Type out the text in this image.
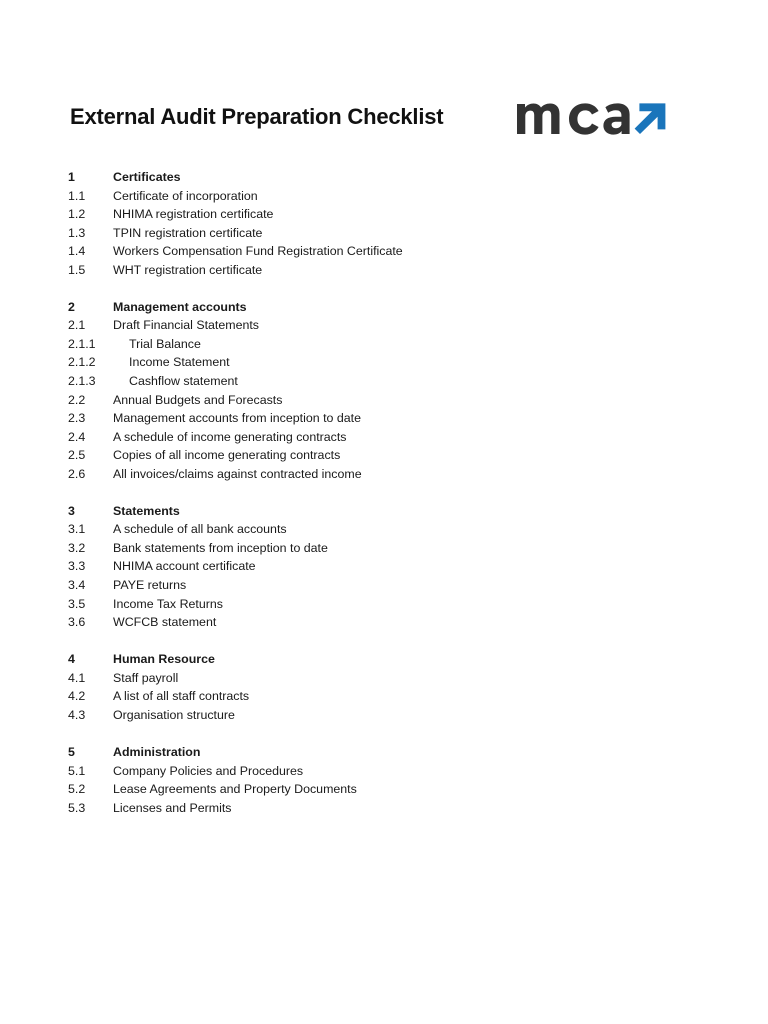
External Audit Preparation Checklist
1	Certificates
1.1	Certificate of incorporation
1.2	NHIMA registration certificate
1.3	TPIN registration certificate
1.4	Workers Compensation Fund Registration Certificate
1.5	WHT registration certificate
2	Management accounts
2.1	Draft Financial Statements
2.1.1	Trial Balance
2.1.2	Income Statement
2.1.3	Cashflow statement
2.2	Annual Budgets and Forecasts
2.3	Management accounts from inception to date
2.4	A schedule of income generating contracts
2.5	Copies of all income generating contracts
2.6	All invoices/claims against contracted income
3	Statements
3.1	A schedule of all bank accounts
3.2	Bank statements from inception to date
3.3	NHIMA account certificate
3.4	PAYE returns
3.5	Income Tax Returns
3.6	WCFCB statement
4	Human Resource
4.1	Staff payroll
4.2	A list of all staff contracts
4.3	Organisation structure
5	Administration
5.1	Company Policies and Procedures
5.2	Lease Agreements and Property Documents
5.3	Licenses and Permits
